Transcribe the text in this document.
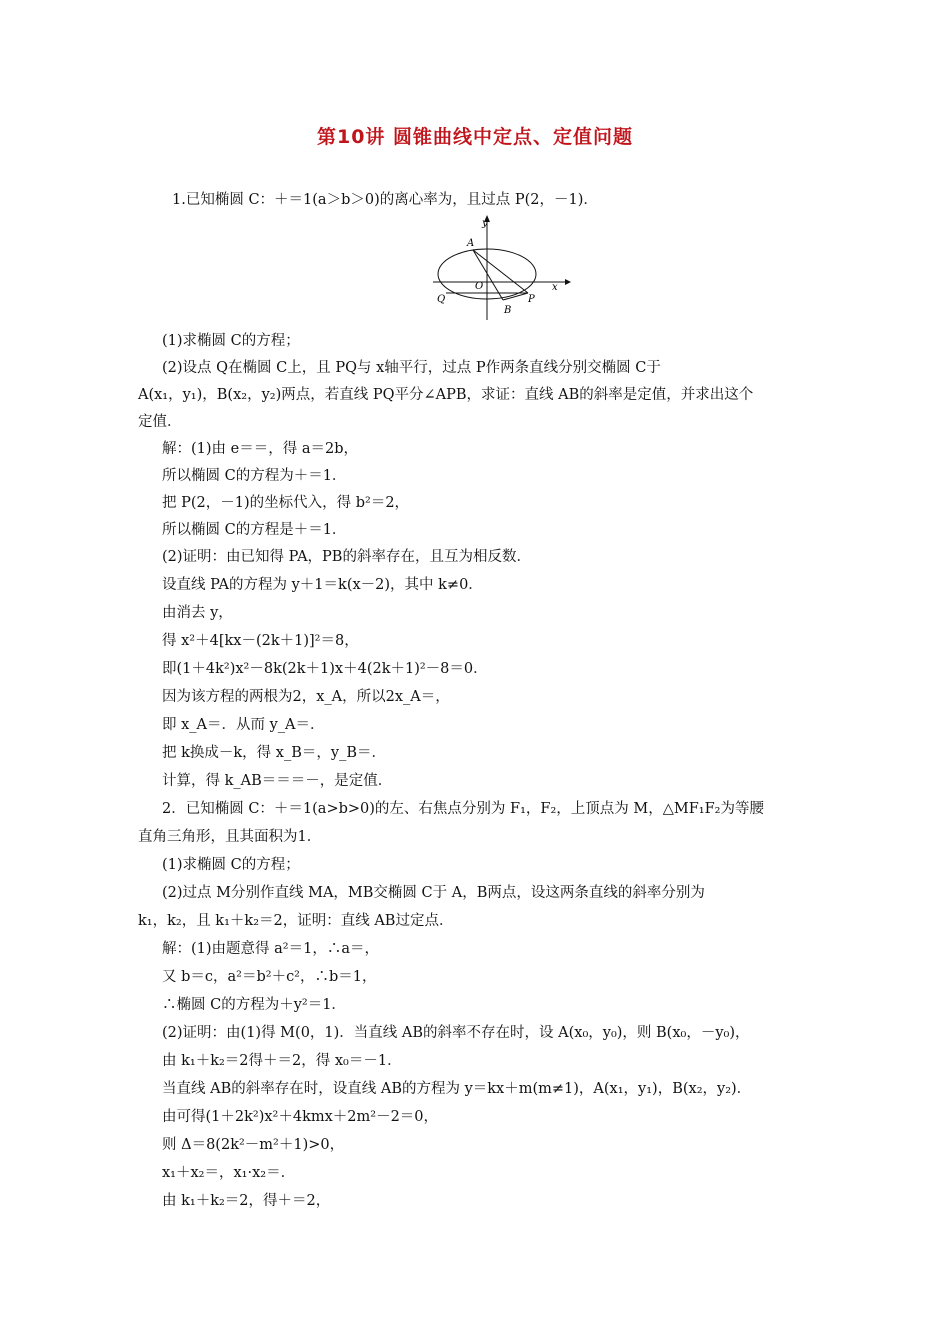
第10讲 圆锥曲线中定点、定值问题
1.已知椭圆 C：＋＝1(a＞b＞0)的离心率为，且过点 P(2，－1)．
y
x
O
A
Q
B
P
(1)求椭圆 C的方程；
(2)设点 Q在椭圆 C上，且 PQ与 x轴平行，过点 P作两条直线分别交椭圆 C于
A(x₁，y₁)，B(x₂，y₂)两点，若直线 PQ平分∠APB，求证：直线 AB的斜率是定值，并求出这个
定值．
解：(1)由 e＝＝，得 a＝2b，
所以椭圆 C的方程为＋＝1．
把 P(2，－1)的坐标代入，得 b²＝2，
所以椭圆 C的方程是＋＝1．
(2)证明：由已知得 PA，PB的斜率存在，且互为相反数．
设直线 PA的方程为 y＋1＝k(x－2)，其中 k≠0．
由消去 y，
得 x²＋4[kx－(2k＋1)]²＝8，
即(1＋4k²)x²－8k(2k＋1)x＋4(2k＋1)²－8＝0．
因为该方程的两根为2，x_A，所以2x_A＝，
即 x_A＝．从而 y_A＝．
把 k换成－k，得 x_B＝，y_B＝．
计算，得 k_AB＝＝＝－，是定值．
2．已知椭圆 C：＋＝1(a>b>0)的左、右焦点分别为 F₁，F₂，上顶点为 M，△MF₁F₂为等腰
直角三角形，且其面积为1．
(1)求椭圆 C的方程；
(2)过点 M分别作直线 MA，MB交椭圆 C于 A，B两点，设这两条直线的斜率分别为
k₁，k₂，且 k₁＋k₂＝2，证明：直线 AB过定点．
解：(1)由题意得 a²＝1，∴a＝，
又 b＝c，a²＝b²＋c²，∴b＝1，
∴椭圆 C的方程为＋y²＝1．
(2)证明：由(1)得 M(0，1)．当直线 AB的斜率不存在时，设 A(x₀，y₀)，则 B(x₀，－y₀)，
由 k₁＋k₂＝2得＋＝2，得 x₀＝－1．
当直线 AB的斜率存在时，设直线 AB的方程为 y＝kx＋m(m≠1)，A(x₁，y₁)，B(x₂，y₂)．
由可得(1＋2k²)x²＋4kmx＋2m²－2＝0，
则 Δ＝8(2k²－m²＋1)>0，
x₁＋x₂＝，x₁·x₂＝．
由 k₁＋k₂＝2，得＋＝2，
